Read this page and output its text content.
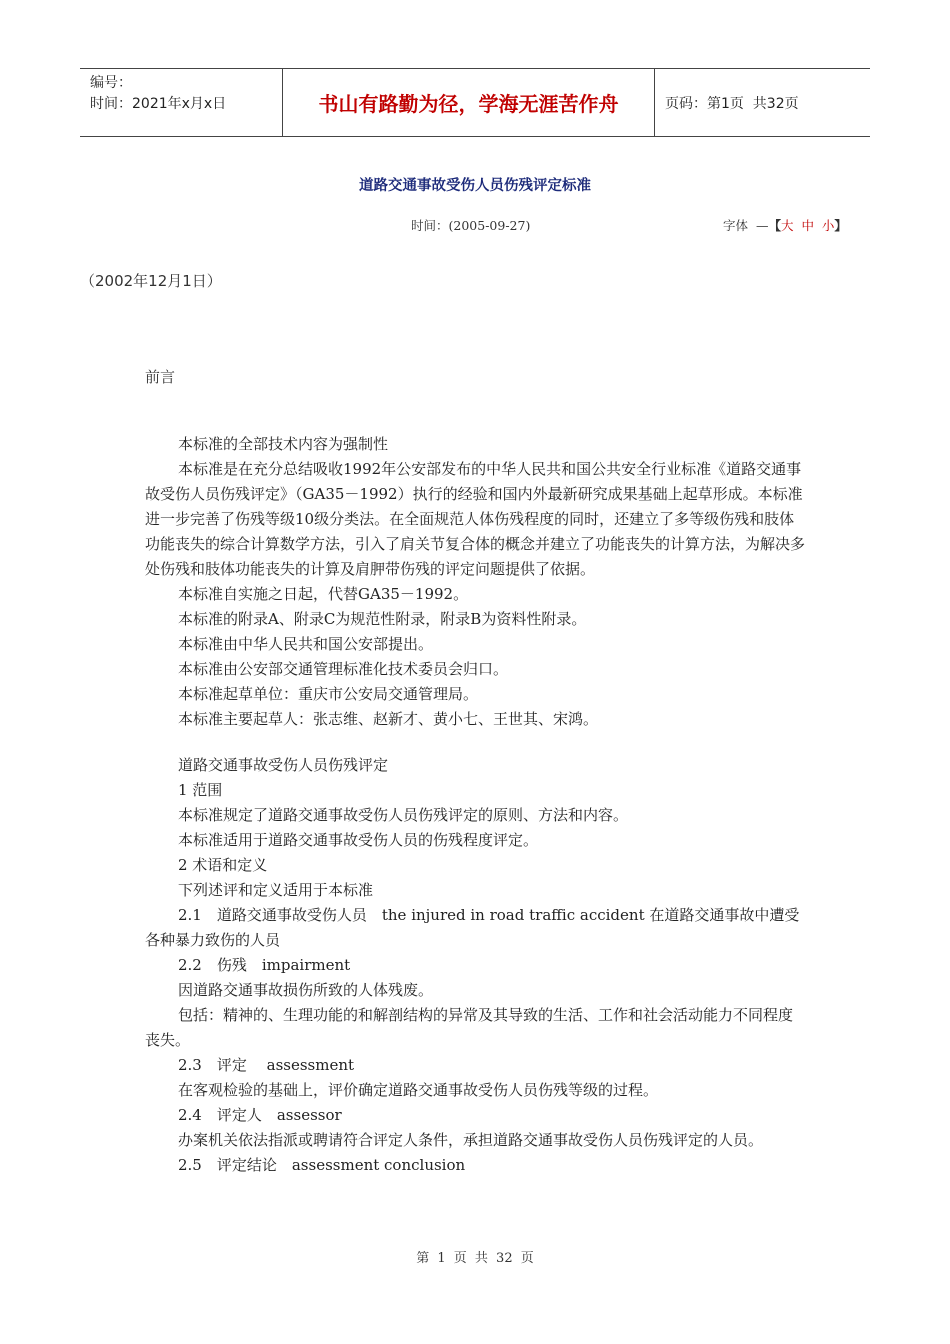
编号：
时间：2021年x月x日	书山有路勤为径，学海无涯苦作舟	页码：第1页  共32页
道路交通事故受伤人员伤残评定标准
时间：(2005-09-27)	字体  —【大 中 小】
（2002年12月1日）
前言

本标准的全部技术内容为强制性

本标准是在充分总结吸收1992年公安部发布的中华人民共和国公共安全行业标准《道路交通事故受伤人员伤残评定》（GA35－1992）执行的经验和国内外最新研究成果基础上起草形成。本标准进一步完善了伤残等级10级分类法。在全面规范人体伤残程度的同时，还建立了多等级伤残和肢体功能丧失的综合计算数学方法，引入了肩关节复合体的概念并建立了功能丧失的计算方法，为解决多处伤残和肢体功能丧失的计算及肩胛带伤残的评定问题提供了依据。

本标准自实施之日起，代替GA35－1992。

本标准的附录A、附录C为规范性附录，附录B为资料性附录。

本标准由中华人民共和国公安部提出。

本标准由公安部交通管理标准化技术委员会归口。

本标准起草单位：重庆市公安局交通管理局。

本标准主要起草人：张志维、赵新才、黄小七、王世其、宋鸿。

道路交通事故受伤人员伤残评定

1 范围

本标准规定了道路交通事故受伤人员伤残评定的原则、方法和内容。

本标准适用于道路交通事故受伤人员的伤残程度评定。

2 术语和定义

下列述评和定义适用于本标准

2.1　道路交通事故受伤人员　the injured in road traffic accident 在道路交通事故中遭受各种暴力致伤的人员

2.2　伤残　impairment

因道路交通事故损伤所致的人体残废。

包括：精神的、生理功能的和解剖结构的异常及其导致的生活、工作和社会活动能力不同程度丧失。

2.3　评定　 assessment

在客观检验的基础上，评价确定道路交通事故受伤人员伤残等级的过程。

2.4　评定人　assessor

办案机关依法指派或聘请符合评定人条件，承担道路交通事故受伤人员伤残评定的人员。

2.5　评定结论　assessment conclusion

第 1 页 共 32 页
